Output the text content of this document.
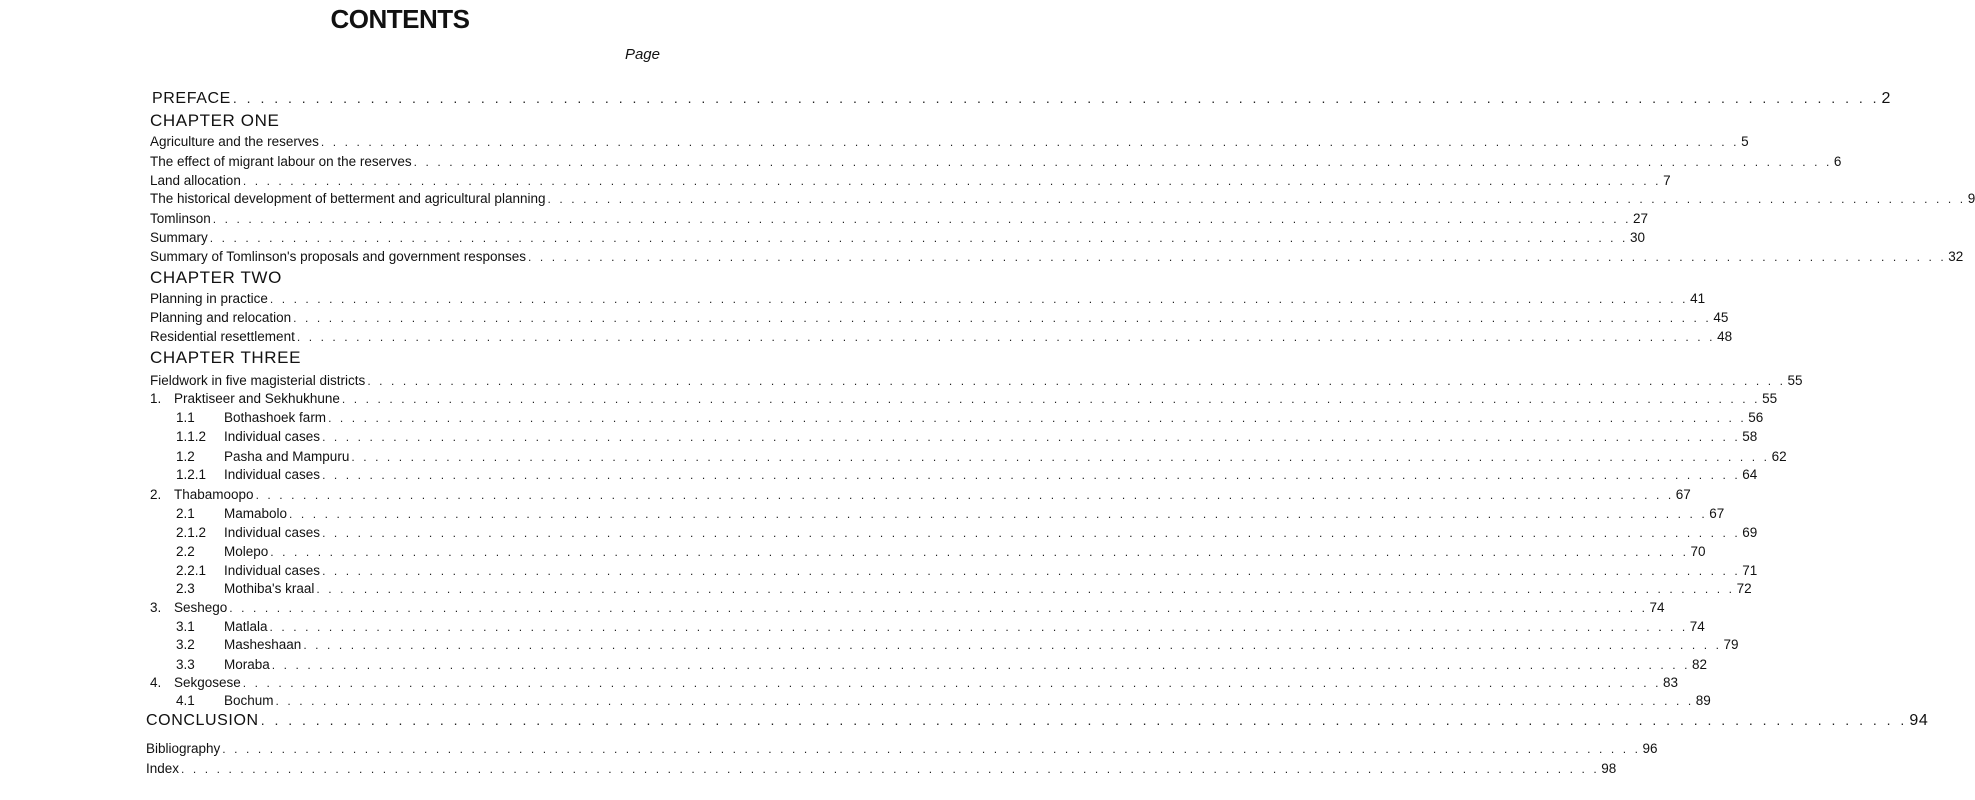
CONTENTS
Page
PREFACE . . . . . . . . . . . . . . . . . . . . . . . . . . . . . . . . . . . . . . . . . . . . . . . . . . . . . . . . . . . . . . . . . . . . . . . . . . . . . . . . . . . . . . . . . . . . . . . . . . . . . . . . . . . . . . . . . . . . . . . . 2
CHAPTER ONE
Agriculture and the reserves . . . . . . . . . . . . . . . . . . . . . . . . . . . . . . . . . . . . . . . . . . . . . . . . . . . . . . . . . . . . . . . . . . . . . . . . . . . . . . . . . . . . . . . . . . . . . . . . . . . . . . . . . . . . . . . . . . . . . . . . 5
The effect of migrant labour on the reserves . . . . . . . . . . . . . . . . . . . . . . . . . . . . . . . . . . . . . . . . . . . . . . . . . . . . . . . . . . . . . . . . . . . . . . . . . . . . . . . . . . . . . . . . . . . . . . . . . . . . . . . . . . . . . . . . . . . . . . . . 6
Land allocation . . . . . . . . . . . . . . . . . . . . . . . . . . . . . . . . . . . . . . . . . . . . . . . . . . . . . . . . . . . . . . . . . . . . . . . . . . . . . . . . . . . . . . . . . . . . . . . . . . . . . . . . . . . . . . . . . . . . . . . . 7
The historical development of betterment and agricultural planning . . . . . . . . . . . . . . . . . . . . . . . . . . . . . . . . . . . . . . . . . . . . . . . . . . . . . . . . . . . . . . . . . . . . . . . . . . . . . . . . . . . . . . . . . . . . . . . . . . . . . . . . . . . . . . . . . . . . . . . . 9
Tomlinson . . . . . . . . . . . . . . . . . . . . . . . . . . . . . . . . . . . . . . . . . . . . . . . . . . . . . . . . . . . . . . . . . . . . . . . . . . . . . . . . . . . . . . . . . . . . . . . . . . . . . . . . . . . . . . . . . . . . . . . . 27
Summary . . . . . . . . . . . . . . . . . . . . . . . . . . . . . . . . . . . . . . . . . . . . . . . . . . . . . . . . . . . . . . . . . . . . . . . . . . . . . . . . . . . . . . . . . . . . . . . . . . . . . . . . . . . . . . . . . . . . . . . . 30
Summary of Tomlinson's proposals and government responses . . . . . . . . . . . . . . . . . . . . . . . . . . . . . . . . . . . . . . . . . . . . . . . . . . . . . . . . . . . . . . . . . . . . . . . . . . . . . . . . . . . . . . . . . . . . . . . . . . . . . . . . . . . . . . . . . . . . . . . . 32
CHAPTER TWO
Planning in practice . . . . . . . . . . . . . . . . . . . . . . . . . . . . . . . . . . . . . . . . . . . . . . . . . . . . . . . . . . . . . . . . . . . . . . . . . . . . . . . . . . . . . . . . . . . . . . . . . . . . . . . . . . . . . . . . . . . . . . . . 41
Planning and relocation . . . . . . . . . . . . . . . . . . . . . . . . . . . . . . . . . . . . . . . . . . . . . . . . . . . . . . . . . . . . . . . . . . . . . . . . . . . . . . . . . . . . . . . . . . . . . . . . . . . . . . . . . . . . . . . . . . . . . . . . 45
Residential resettlement . . . . . . . . . . . . . . . . . . . . . . . . . . . . . . . . . . . . . . . . . . . . . . . . . . . . . . . . . . . . . . . . . . . . . . . . . . . . . . . . . . . . . . . . . . . . . . . . . . . . . . . . . . . . . . . . . . . . . . . . 48
CHAPTER THREE
Fieldwork in five magisterial districts . . . . . . . . . . . . . . . . . . . . . . . . . . . . . . . . . . . . . . . . . . . . . . . . . . . . . . . . . . . . . . . . . . . . . . . . . . . . . . . . . . . . . . . . . . . . . . . . . . . . . . . . . . . . . . . . . . . . . . . . 55
1. Praktiseer and Sekhukhune . . . . . . . . . . . . . . . . . . . . . . . . . . . . . . . . . . . . . . . . . . . . . . . . . . . . . . . . . . . . . . . . . . . . . . . . . . . . . . . . . . . . . . . . . . . . . . . . . . . . . . . . . . . . . . . . . . . . . . . . 55
1.1	Bothashoek farm . . . . . . . . . . . . . . . . . . . . . . . . . . . . . . . . . . . . . . . . . . . . . . . . . . . . . . . . . . . . . . . . . . . . . . . . . . . . . . . . . . . . . . . . . . . . . . . . . . . . . . . . . . . . . . . . . . . . . . . . 56
1.1.2	Individual cases . . . . . . . . . . . . . . . . . . . . . . . . . . . . . . . . . . . . . . . . . . . . . . . . . . . . . . . . . . . . . . . . . . . . . . . . . . . . . . . . . . . . . . . . . . . . . . . . . . . . . . . . . . . . . . . . . . . . . . . . 58
1.2	Pasha and Mampuru . . . . . . . . . . . . . . . . . . . . . . . . . . . . . . . . . . . . . . . . . . . . . . . . . . . . . . . . . . . . . . . . . . . . . . . . . . . . . . . . . . . . . . . . . . . . . . . . . . . . . . . . . . . . . . . . . . . . . . . . 62
1.2.1	Individual cases . . . . . . . . . . . . . . . . . . . . . . . . . . . . . . . . . . . . . . . . . . . . . . . . . . . . . . . . . . . . . . . . . . . . . . . . . . . . . . . . . . . . . . . . . . . . . . . . . . . . . . . . . . . . . . . . . . . . . . . . 64
2. Thabamoopo . . . . . . . . . . . . . . . . . . . . . . . . . . . . . . . . . . . . . . . . . . . . . . . . . . . . . . . . . . . . . . . . . . . . . . . . . . . . . . . . . . . . . . . . . . . . . . . . . . . . . . . . . . . . . . . . . . . . . . . . 67
2.1	Mamabolo . . . . . . . . . . . . . . . . . . . . . . . . . . . . . . . . . . . . . . . . . . . . . . . . . . . . . . . . . . . . . . . . . . . . . . . . . . . . . . . . . . . . . . . . . . . . . . . . . . . . . . . . . . . . . . . . . . . . . . . . 67
2.1.2	Individual cases . . . . . . . . . . . . . . . . . . . . . . . . . . . . . . . . . . . . . . . . . . . . . . . . . . . . . . . . . . . . . . . . . . . . . . . . . . . . . . . . . . . . . . . . . . . . . . . . . . . . . . . . . . . . . . . . . . . . . . . . 69
2.2	Molepo . . . . . . . . . . . . . . . . . . . . . . . . . . . . . . . . . . . . . . . . . . . . . . . . . . . . . . . . . . . . . . . . . . . . . . . . . . . . . . . . . . . . . . . . . . . . . . . . . . . . . . . . . . . . . . . . . . . . . . . . 70
2.2.1	Individual cases . . . . . . . . . . . . . . . . . . . . . . . . . . . . . . . . . . . . . . . . . . . . . . . . . . . . . . . . . . . . . . . . . . . . . . . . . . . . . . . . . . . . . . . . . . . . . . . . . . . . . . . . . . . . . . . . . . . . . . . . 71
2.3	Mothiba's kraal . . . . . . . . . . . . . . . . . . . . . . . . . . . . . . . . . . . . . . . . . . . . . . . . . . . . . . . . . . . . . . . . . . . . . . . . . . . . . . . . . . . . . . . . . . . . . . . . . . . . . . . . . . . . . . . . . . . . . . . . 72
3. Seshego . . . . . . . . . . . . . . . . . . . . . . . . . . . . . . . . . . . . . . . . . . . . . . . . . . . . . . . . . . . . . . . . . . . . . . . . . . . . . . . . . . . . . . . . . . . . . . . . . . . . . . . . . . . . . . . . . . . . . . . . 74
3.1	Matlala . . . . . . . . . . . . . . . . . . . . . . . . . . . . . . . . . . . . . . . . . . . . . . . . . . . . . . . . . . . . . . . . . . . . . . . . . . . . . . . . . . . . . . . . . . . . . . . . . . . . . . . . . . . . . . . . . . . . . . . . 74
3.2	Masheshaan . . . . . . . . . . . . . . . . . . . . . . . . . . . . . . . . . . . . . . . . . . . . . . . . . . . . . . . . . . . . . . . . . . . . . . . . . . . . . . . . . . . . . . . . . . . . . . . . . . . . . . . . . . . . . . . . . . . . . . . . 79
3.3	Moraba . . . . . . . . . . . . . . . . . . . . . . . . . . . . . . . . . . . . . . . . . . . . . . . . . . . . . . . . . . . . . . . . . . . . . . . . . . . . . . . . . . . . . . . . . . . . . . . . . . . . . . . . . . . . . . . . . . . . . . . . 82
4. Sekgosese . . . . . . . . . . . . . . . . . . . . . . . . . . . . . . . . . . . . . . . . . . . . . . . . . . . . . . . . . . . . . . . . . . . . . . . . . . . . . . . . . . . . . . . . . . . . . . . . . . . . . . . . . . . . . . . . . . . . . . . . 83
4.1	Bochum . . . . . . . . . . . . . . . . . . . . . . . . . . . . . . . . . . . . . . . . . . . . . . . . . . . . . . . . . . . . . . . . . . . . . . . . . . . . . . . . . . . . . . . . . . . . . . . . . . . . . . . . . . . . . . . . . . . . . . . . 89
CONCLUSION . . . . . . . . . . . . . . . . . . . . . . . . . . . . . . . . . . . . . . . . . . . . . . . . . . . . . . . . . . . . . . . . . . . . . . . . . . . . . . . . . . . . . . . . . . . . . . . . . . . . . . . . . . . . . . . . . . . . . . . . 94
Bibliography . . . . . . . . . . . . . . . . . . . . . . . . . . . . . . . . . . . . . . . . . . . . . . . . . . . . . . . . . . . . . . . . . . . . . . . . . . . . . . . . . . . . . . . . . . . . . . . . . . . . . . . . . . . . . . . . . . . . . . . . 96
Index . . . . . . . . . . . . . . . . . . . . . . . . . . . . . . . . . . . . . . . . . . . . . . . . . . . . . . . . . . . . . . . . . . . . . . . . . . . . . . . . . . . . . . . . . . . . . . . . . . . . . . . . . . . . . . . . . . . . . . . . 98
